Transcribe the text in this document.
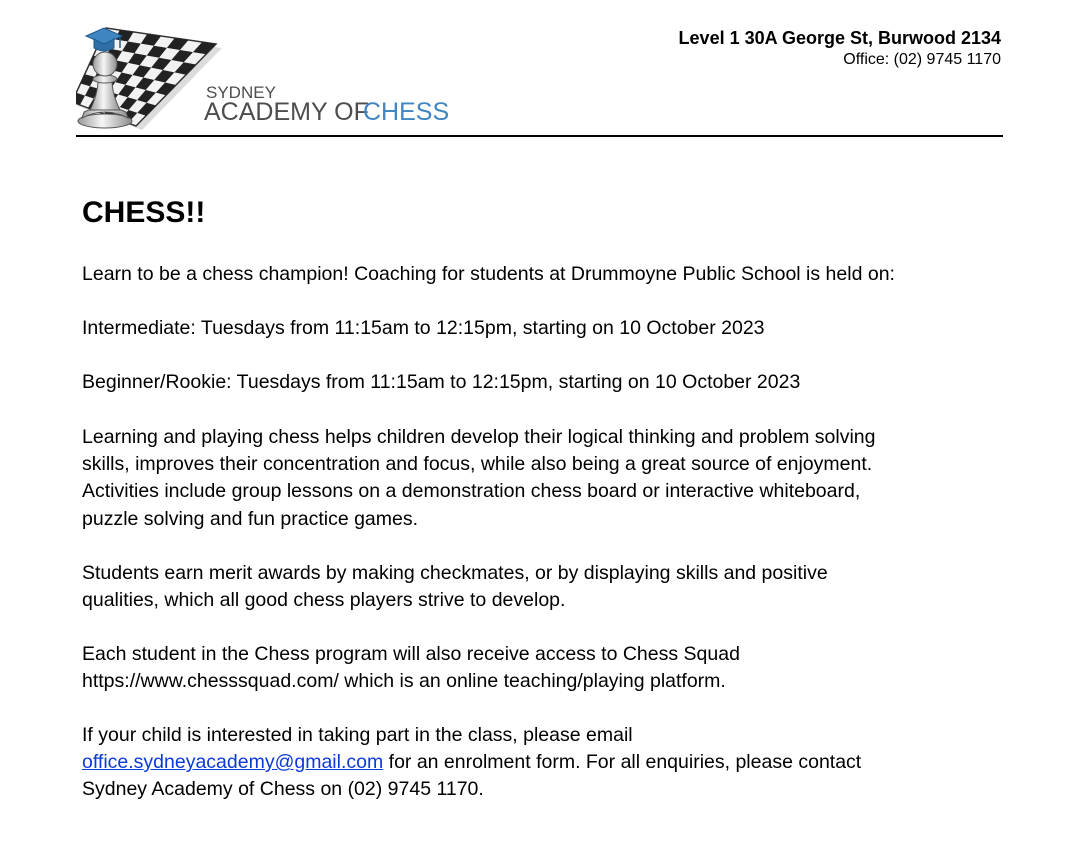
SYDNEY
ACADEMY OF
CHESS
Level 1 30A George St, Burwood 2134
Office: (02) 9745 1170
CHESS!!

Learn to be a chess champion! Coaching for students at Drummoyne Public School is held on:

Intermediate: Tuesdays from 11:15am to 12:15pm, starting on 10 October 2023

Beginner/Rookie: Tuesdays from 11:15am to 12:15pm, starting on 10 October 2023

Learning and playing chess helps children develop their logical thinking and problem solving
skills, improves their concentration and focus, while also being a great source of enjoyment.
Activities include group lessons on a demonstration chess board or interactive whiteboard,
puzzle solving and fun practice games.

Students earn merit awards by making checkmates, or by displaying skills and positive
qualities, which all good chess players strive to develop.

Each student in the Chess program will also receive access to Chess Squad
https://www.chesssquad.com/ which is an online teaching/playing platform.

If your child is interested in taking part in the class, please email
office.sydneyacademy@gmail.com for an enrolment form. For all enquiries, please contact
Sydney Academy of Chess on (02) 9745 1170.
